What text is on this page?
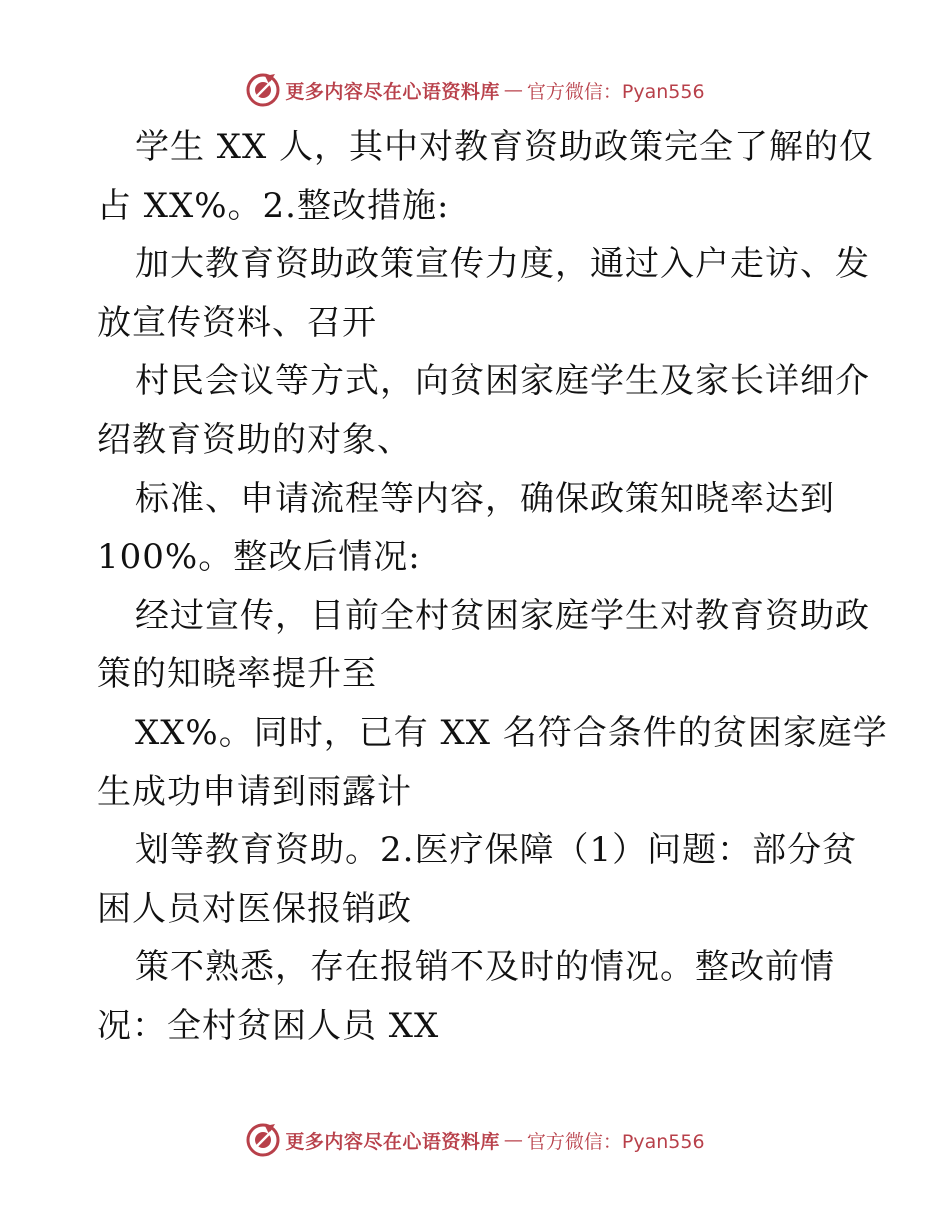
更多内容尽在心语资料库 — 官方微信：Pyan556
学生 XX 人，其中对教育资助政策完全了解的仅
占 XX%。2.整改措施:
加大教育资助政策宣传力度，通过入户走访、发
放宣传资料、召开
村民会议等方式，向贫困家庭学生及家长详细介
绍教育资助的对象、
标准、申请流程等内容，确保政策知晓率达到
100%。整改后情况:
经过宣传，目前全村贫困家庭学生对教育资助政
策的知晓率提升至
XX%。同时，已有 XX 名符合条件的贫困家庭学
生成功申请到雨露计
划等教育资助。2.医疗保障（1）问题：部分贫
困人员对医保报销政
策不熟悉，存在报销不及时的情况。整改前情
况：全村贫困人员 XX
更多内容尽在心语资料库 — 官方微信：Pyan556
